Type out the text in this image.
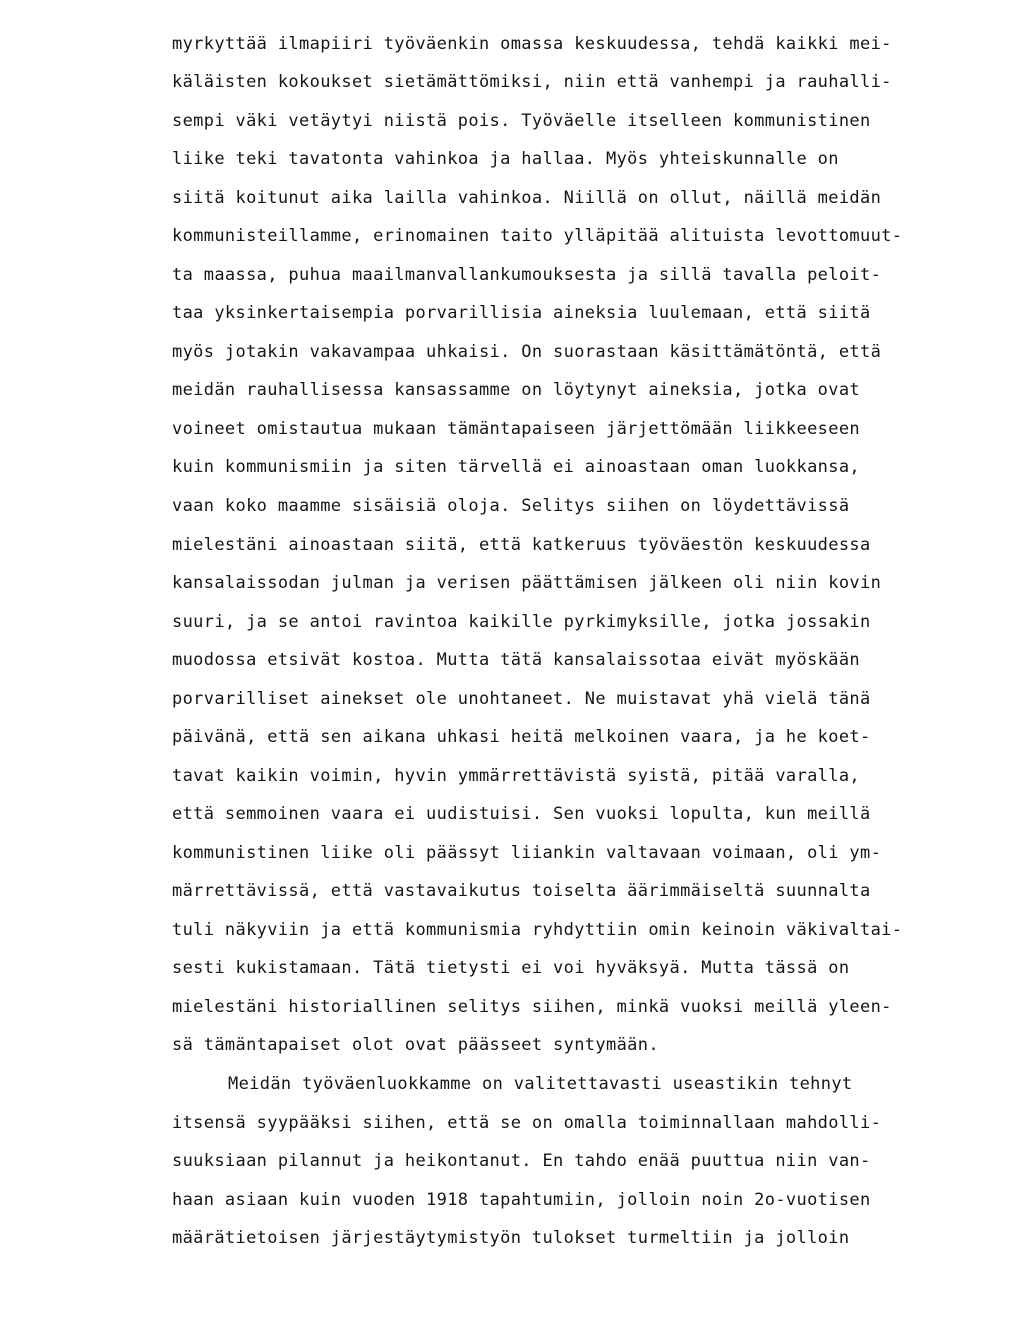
myrkyttää ilmapiiri työväenkin omassa keskuudessa, tehdä kaikki mei-
käläisten kokoukset sietämättömiksi, niin että vanhempi ja rauhalli-
sempi väki vetäytyi niistä pois. Työväelle itselleen kommunistinen
liike teki tavatonta vahinkoa ja hallaa. Myös yhteiskunnalle on
siitä koitunut aika lailla vahinkoa. Niillä on ollut, näillä meidän
kommunisteillamme, erinomainen taito ylläpitää alituista levottomuut-
ta maassa, puhua maailmanvallankumouksesta ja sillä tavalla peloit-
taa yksinkertaisempia porvarillisia aineksia luulemaan, että siitä
myös jotakin vakavampaa uhkaisi. On suorastaan käsittämätöntä, että
meidän rauhallisessa kansassamme on löytynyt aineksia, jotka ovat
voineet omistautua mukaan tämäntapaiseen järjettömään liikkeeseen
kuin kommunismiin ja siten tärvellä ei ainoastaan oman luokkansa,
vaan koko maamme sisäisiä oloja. Selitys siihen on löydettävissä
mielestäni ainoastaan siitä, että katkeruus työväestön keskuudessa
kansalaissodan julman ja verisen päättämisen jälkeen oli niin kovin
suuri, ja se antoi ravintoa kaikille pyrkimyksille, jotka jossakin
muodossa etsivät kostoa. Mutta tätä kansalaissotaa eivät myöskään
porvarilliset ainekset ole unohtaneet. Ne muistavat yhä vielä tänä
päivänä, että sen aikana uhkasi heitä melkoinen vaara, ja he koet-
tavat kaikin voimin, hyvin ymmärrettävistä syistä, pitää varalla,
että semmoinen vaara ei uudistuisi. Sen vuoksi lopulta, kun meillä
kommunistinen liike oli päässyt liiankin valtavaan voimaan, oli ym-
märrettävissä, että vastavaikutus toiselta äärimmäiseltä suunnalta
tuli näkyviin ja että kommunismia ryhdyttiin omin keinoin väkivaltai-
sesti kukistamaan. Tätä tietysti ei voi hyväksyä. Mutta tässä on
mielestäni historiallinen selitys siihen, minkä vuoksi meillä yleen-
sä tämäntapaiset olot ovat päässeet syntymään.
Meidän työväenluokkamme on valitettavasti useastikin tehnyt
itsensä syypääksi siihen, että se on omalla toiminnallaan mahdolli-
suuksiaan pilannut ja heikontanut. En tahdo enää puuttua niin van-
haan asiaan kuin vuoden 1918 tapahtumiin, jolloin noin 2o-vuotisen
määrätietoisen järjestäytymistyön tulokset turmeltiin ja jolloin
